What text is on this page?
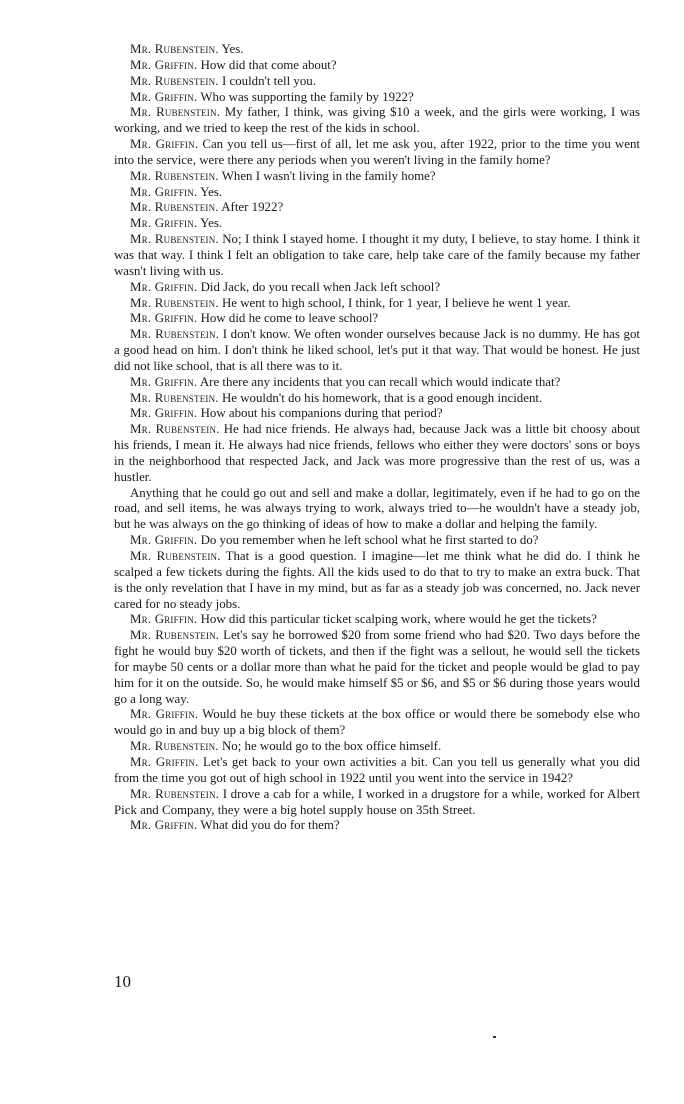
Mr. Rubenstein. Yes.

Mr. Griffin. How did that come about?

Mr. Rubenstein. I couldn't tell you.

Mr. Griffin. Who was supporting the family by 1922?

Mr. Rubenstein. My father, I think, was giving $10 a week, and the girls were working, I was working, and we tried to keep the rest of the kids in school.

Mr. Griffin. Can you tell us—first of all, let me ask you, after 1922, prior to the time you went into the service, were there any periods when you weren't living in the family home?

Mr. Rubenstein. When I wasn't living in the family home?

Mr. Griffin. Yes.

Mr. Rubenstein. After 1922?

Mr. Griffin. Yes.

Mr. Rubenstein. No; I think I stayed home. I thought it my duty, I believe, to stay home. I think it was that way. I think I felt an obligation to take care, help take care of the family because my father wasn't living with us.

Mr. Griffin. Did Jack, do you recall when Jack left school?

Mr. Rubenstein. He went to high school, I think, for 1 year, I believe he went 1 year.

Mr. Griffin. How did he come to leave school?

Mr. Rubenstein. I don't know. We often wonder ourselves because Jack is no dummy. He has got a good head on him. I don't think he liked school, let's put it that way. That would be honest. He just did not like school, that is all there was to it.

Mr. Griffin. Are there any incidents that you can recall which would indicate that?

Mr. Rubenstein. He wouldn't do his homework, that is a good enough incident.

Mr. Griffin. How about his companions during that period?

Mr. Rubenstein. He had nice friends. He always had, because Jack was a little bit choosy about his friends, I mean it. He always had nice friends, fellows who either they were doctors' sons or boys in the neighborhood that respected Jack, and Jack was more progressive than the rest of us, was a hustler.

Anything that he could go out and sell and make a dollar, legitimately, even if he had to go on the road, and sell items, he was always trying to work, always tried to—he wouldn't have a steady job, but he was always on the go thinking of ideas of how to make a dollar and helping the family.

Mr. Griffin. Do you remember when he left school what he first started to do?

Mr. Rubenstein. That is a good question. I imagine—let me think what he did do. I think he scalped a few tickets during the fights. All the kids used to do that to try to make an extra buck. That is the only revelation that I have in my mind, but as far as a steady job was concerned, no. Jack never cared for no steady jobs.

Mr. Griffin. How did this particular ticket scalping work, where would he get the tickets?

Mr. Rubenstein. Let's say he borrowed $20 from some friend who had $20. Two days before the fight he would buy $20 worth of tickets, and then if the fight was a sellout, he would sell the tickets for maybe 50 cents or a dollar more than what he paid for the ticket and people would be glad to pay him for it on the outside. So, he would make himself $5 or $6, and $5 or $6 during those years would go a long way.

Mr. Griffin. Would he buy these tickets at the box office or would there be somebody else who would go in and buy up a big block of them?

Mr. Rubenstein. No; he would go to the box office himself.

Mr. Griffin. Let's get back to your own activities a bit. Can you tell us generally what you did from the time you got out of high school in 1922 until you went into the service in 1942?

Mr. Rubenstein. I drove a cab for a while, I worked in a drugstore for a while, worked for Albert Pick and Company, they were a big hotel supply house on 35th Street.

Mr. Griffin. What did you do for them?

10
